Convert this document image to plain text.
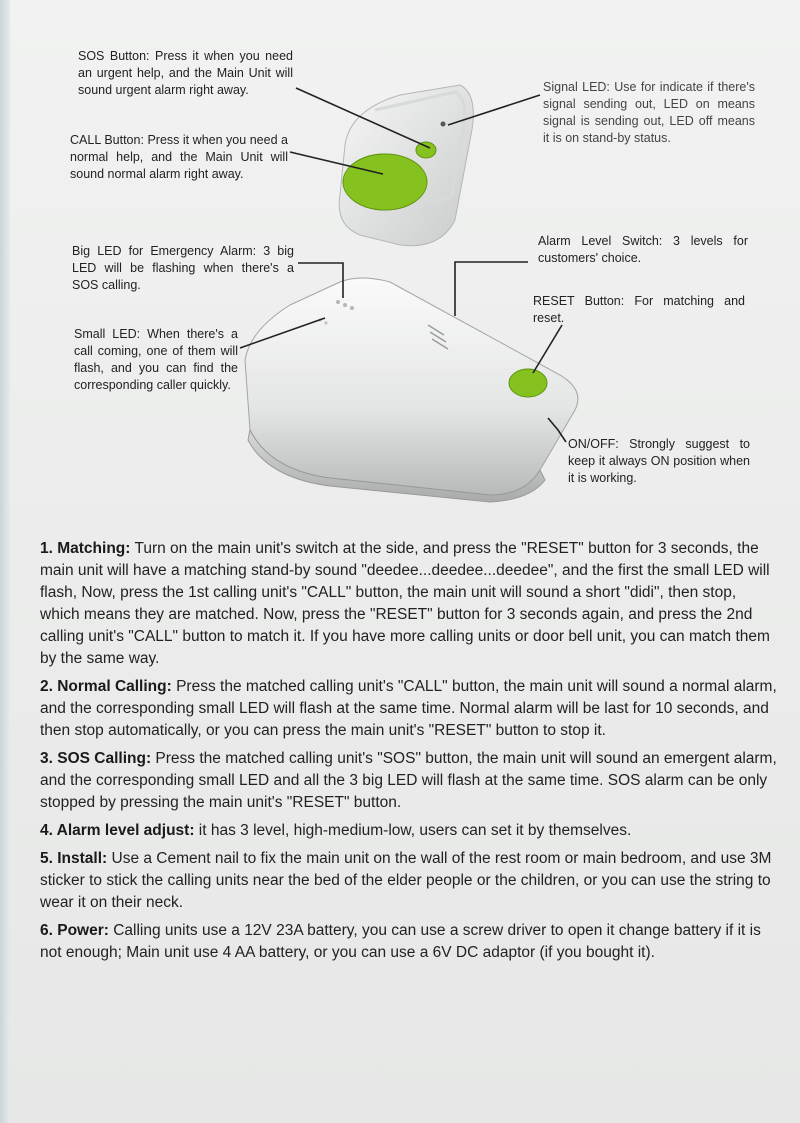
SOS Button: Press it when you need an urgent help, and the Main Unit will sound urgent alarm right away.
CALL Button: Press it when you need a normal help, and the Main Unit will sound normal alarm right away.
Signal LED: Use for indicate if there's signal sending out, LED on means signal is sending out, LED off means it is on stand-by status.
Big LED for Emergency Alarm: 3 big LED will be flashing when there's a SOS calling.
Alarm Level Switch: 3 levels for customers' choice.
RESET Button: For matching and reset.
Small LED: When there's a call coming, one of them will flash, and you can find the corresponding caller quickly.
ON/OFF: Strongly suggest to keep it always ON position when it is working.
1. Matching: Turn on the main unit's switch at the side, and press the "RESET" button for 3 seconds, the main unit will have a matching stand-by sound "deedee...deedee...deedee", and the first the small LED will flash, Now, press the 1st calling unit's "CALL" button, the main unit will sound a short "didi", then stop, which means they are matched. Now, press the "RESET" button for 3 seconds again, and press the 2nd calling unit's "CALL" button to match it. If you have more calling units or door bell unit, you can match them by the same way.
2. Normal Calling: Press the matched calling unit's "CALL" button, the main unit will sound a normal alarm, and the corresponding small LED will flash at the same time. Normal alarm will be last for 10 seconds, and then stop automatically, or you can press the main unit's "RESET" button to stop it.
3. SOS Calling: Press the matched calling unit's "SOS" button, the main unit will sound an emergent alarm, and the corresponding small LED and all the 3 big LED will flash at the same time. SOS alarm can be only stopped by pressing the main unit's "RESET" button.
4. Alarm level adjust: it has 3 level, high-medium-low, users can set it by themselves.
5. Install: Use a Cement nail to fix the main unit on the wall of the rest room or main bedroom, and use 3M sticker to stick the calling units near the bed of the elder people or the children, or you can use the string to wear it on their neck.
6. Power: Calling units use a 12V 23A battery, you can use a screw driver to open it change battery if it is not enough; Main unit use 4 AA battery, or you can use a 6V DC adaptor (if you bought it).
